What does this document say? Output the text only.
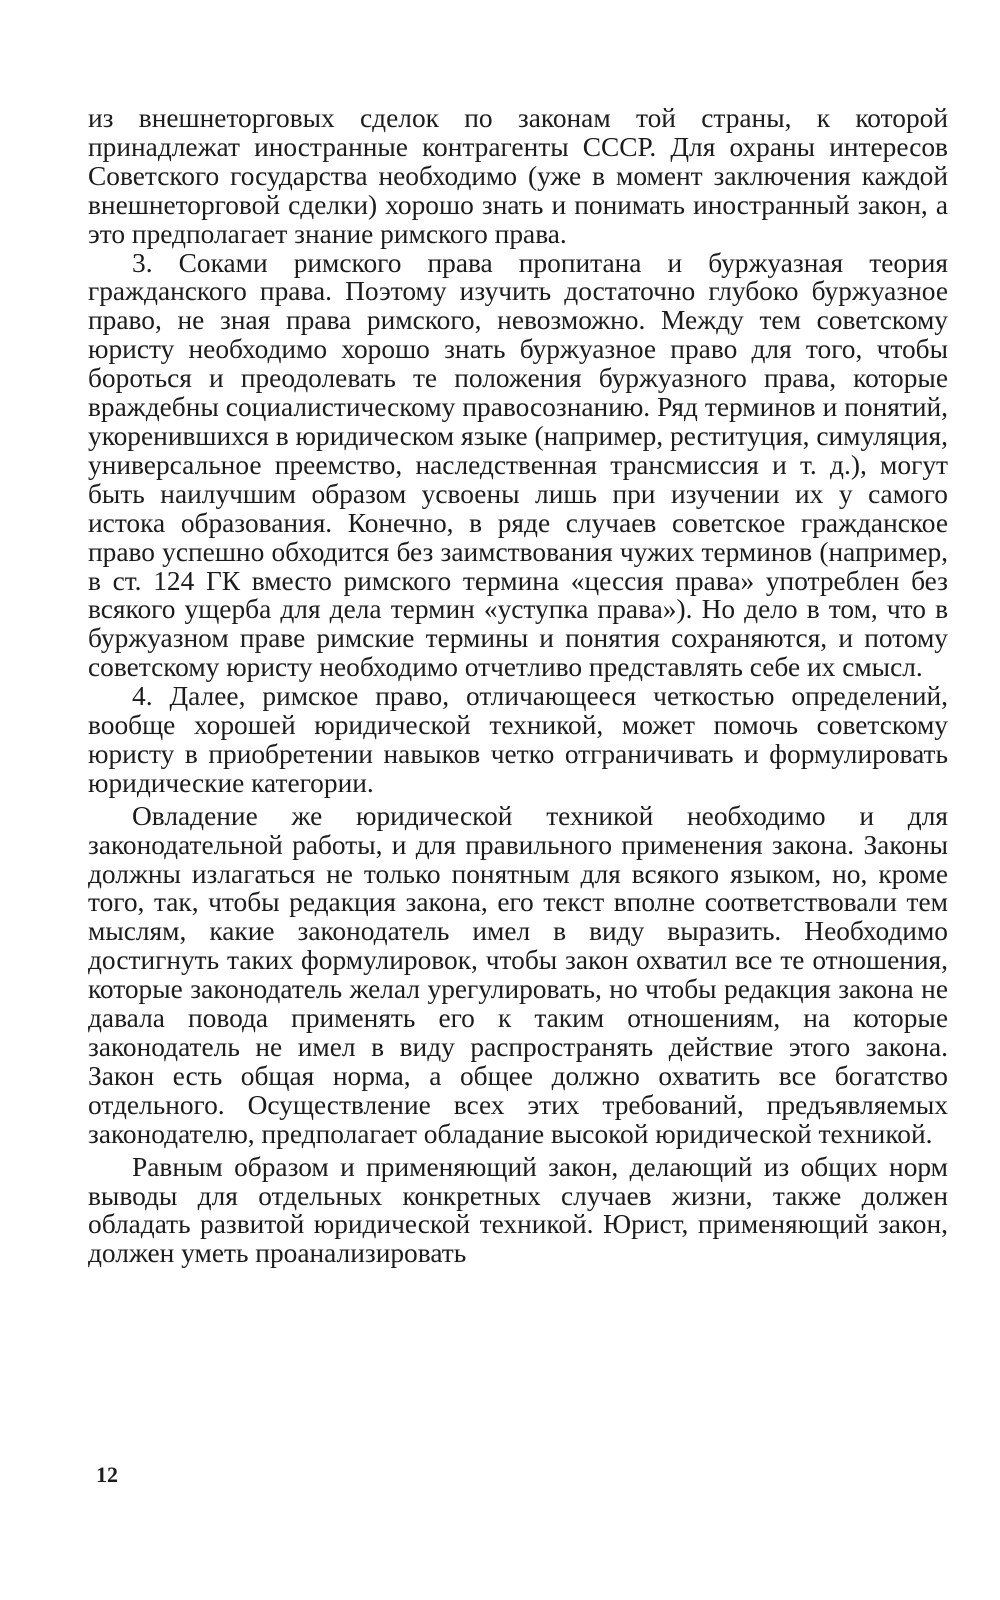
из внешнеторговых сделок по законам той страны, к которой принадлежат иностранные контрагенты СССР. Для охраны интересов Советского государства необходимо (уже в момент заключения каждой внешнеторговой сделки) хорошо знать и понимать иностранный закон, а это предполагает знание римского права.

3. Соками римского права пропитана и буржуазная теория гражданского права. Поэтому изучить достаточно глубоко буржуазное право, не зная права римского, невозможно. Между тем советскому юристу необходимо хорошо знать буржуазное право для того, чтобы бороться и преодолевать те положения буржуазного права, которые враждебны социалистическому правосознанию. Ряд терминов и понятий, укоренившихся в юридическом языке (например, реституция, симуляция, универсальное преемство, наследственная трансмиссия и т. д.), могут быть наилучшим образом усвоены лишь при изучении их у самого истока образования. Конечно, в ряде случаев советское гражданское право успешно обходится без заимствования чужих терминов (например, в ст. 124 ГК вместо римского термина «цессия права» употреблен без всякого ущерба для дела термин «уступка права»). Но дело в том, что в буржуазном праве римские термины и понятия сохраняются, и потому советскому юристу необходимо отчетливо представлять себе их смысл.

4. Далее, римское право, отличающееся четкостью определений, вообще хорошей юридической техникой, может помочь советскому юристу в приобретении навыков четко отграничивать и формулировать юридические категории.

Овладение же юридической техникой необходимо и для законодательной работы, и для правильного применения закона. Законы должны излагаться не только понятным для всякого языком, но, кроме того, так, чтобы редакция закона, его текст вполне соответствовали тем мыслям, какие законодатель имел в виду выразить. Необходимо достигнуть таких формулировок, чтобы закон охватил все те отношения, которые законодатель желал урегулировать, но чтобы редакция закона не давала повода применять его к таким отношениям, на которые законодатель не имел в виду распространять действие этого закона. Закон есть общая норма, а общее должно охватить все богатство отдельного. Осуществление всех этих требований, предъявляемых законодателю, предполагает обладание высокой юридической техникой.

Равным образом и применяющий закон, делающий из общих норм выводы для отдельных конкретных случаев жизни, также должен обладать развитой юридической техникой. Юрист, применяющий закон, должен уметь проанализировать

12
